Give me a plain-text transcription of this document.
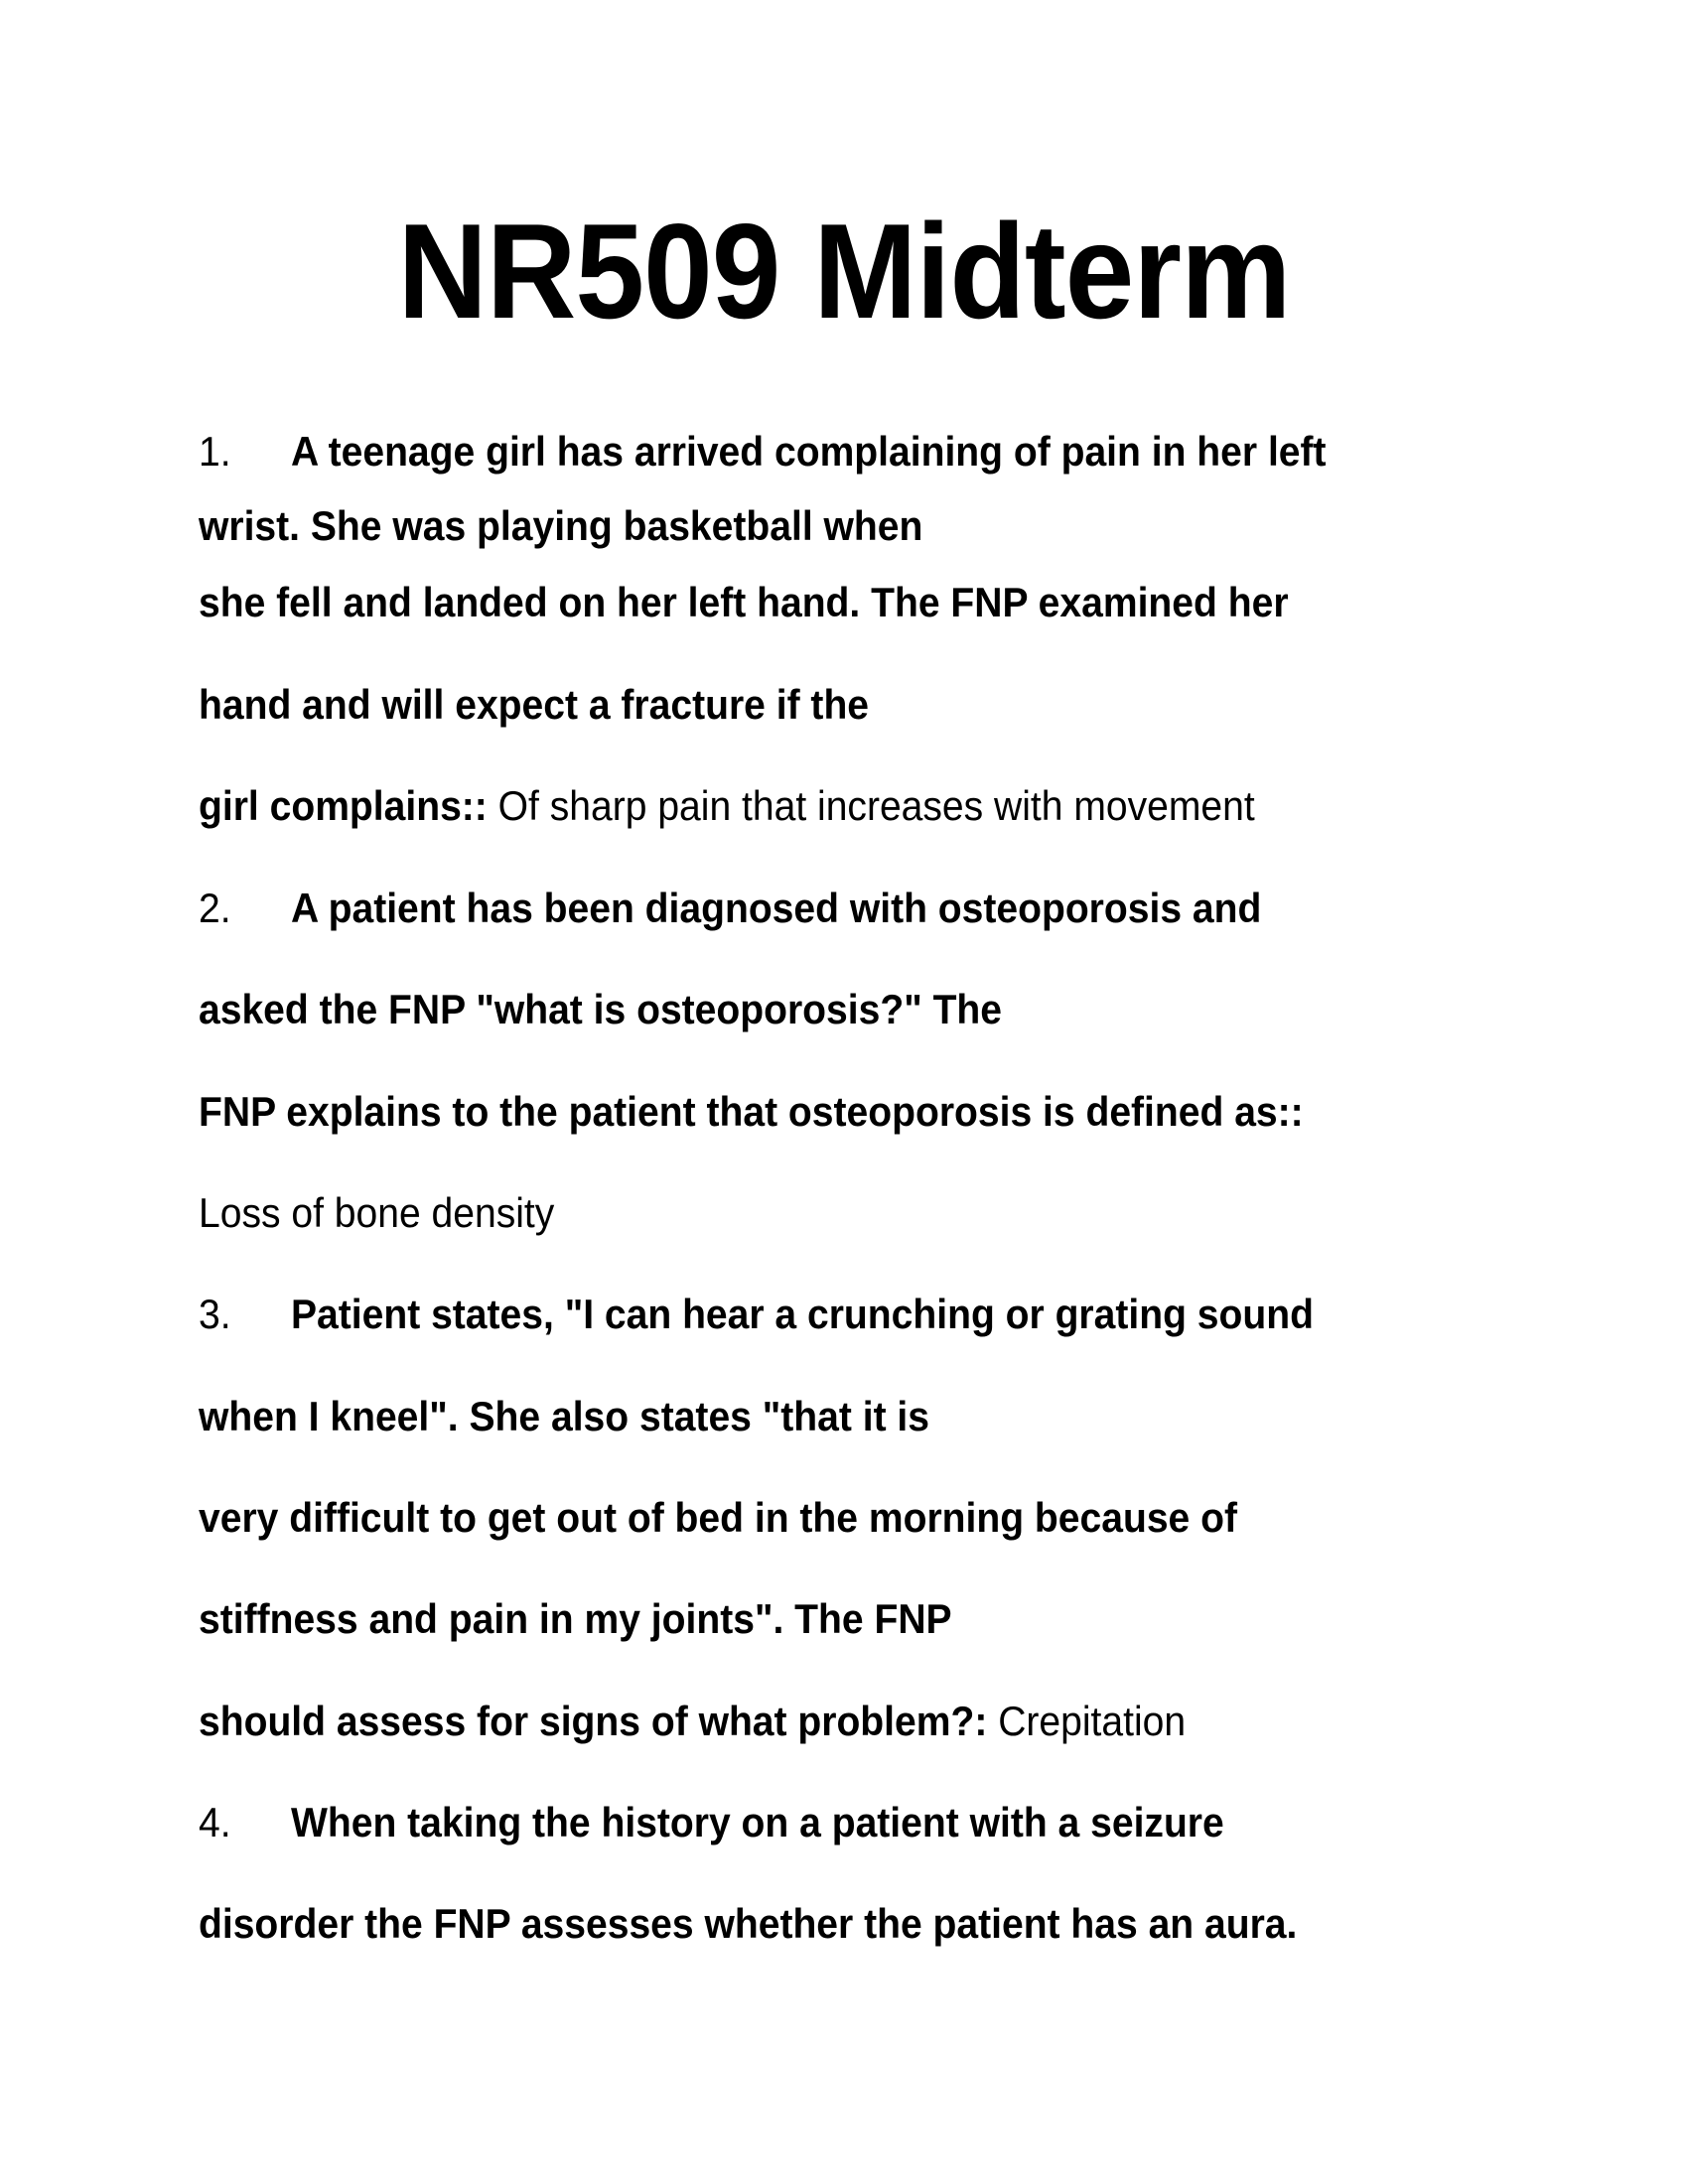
NR509 Midterm
1. A teenage girl has arrived complaining of pain in her left
wrist. She was playing basketball when
she fell and landed on her left hand. The FNP examined her
hand and will expect a fracture if the
girl complains:: Of sharp pain that increases with movement
2. A patient has been diagnosed with osteoporosis and
asked the FNP "what is osteoporosis?" The
FNP explains to the patient that osteoporosis is defined as::
Loss of bone density
3. Patient states, "I can hear a crunching or grating sound
when I kneel". She also states "that it is
very difficult to get out of bed in the morning because of
stiffness and pain in my joints". The FNP
should assess for signs of what problem?: Crepitation
4. When taking the history on a patient with a seizure
disorder the FNP assesses whether the patient has an aura.
